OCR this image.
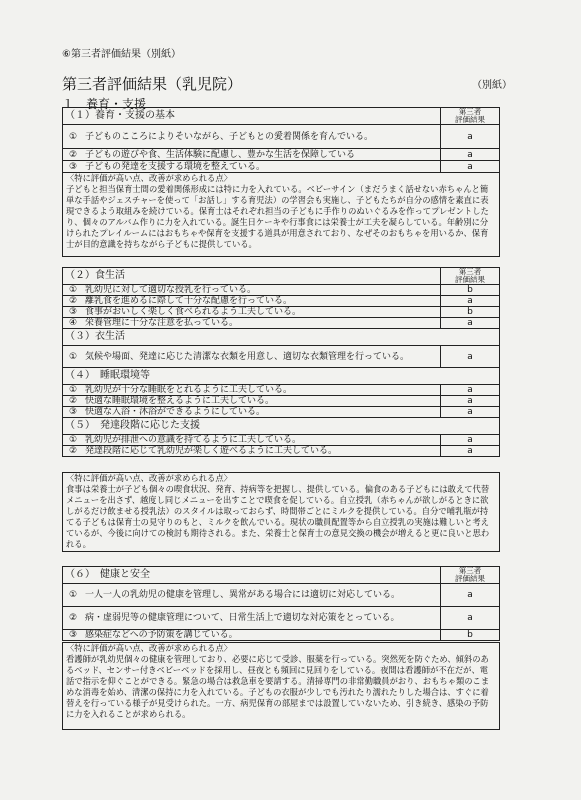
⑥第三者評価結果（別紙）
第三者評価結果（乳児院）	（別紙）
１　養育・支援
（１）養育・支援の基本		第三者
評価結果
①	子どものこころによりそいながら、子どもとの愛着関係を育んでいる。	a
②	子どもの遊びや食、生活体験に配慮し、豊かな生活を保障している	a
③	子どもの発達を支援する環境を整えている。	a
〈特に評価が高い点、改善が求められる点〉
子どもと担当保育士間の愛着関係形成には特に力を入れている。ベビーサイン（まだうまく話せない赤ちゃんと簡単な手話やジェスチャーを使って「お話し」する育児法）の学習会も実施し、子どもたちが自分の感情を素直に表現できるよう取組みを続けている。保育士はそれぞれ担当の子どもに手作りのぬいぐるみを作ってプレゼントしたり、個々のアルバム作りに力を入れている。誕生日ケーキや行事食には栄養士が工夫を凝らしている。年齢別に分けられたプレイルームにはおもちゃや保育を支援する道具が用意されており、なぜそのおもちゃを用いるか、保育士が目的意識を持ちながら子どもに提供している。
（２）食生活		第三者
評価結果
①	乳幼児に対して適切な授乳を行っている。	b
②	離乳食を進めるに際して十分な配慮を行っている。	a
③	食事がおいしく楽しく食べられるよう工夫している。	b
④	栄養管理に十分な注意を払っている。	a
（３）衣生活		
①	気候や場面、発達に応じた清潔な衣類を用意し、適切な衣類管理を行っている。	a
（４）　睡眠環境等		
①	乳幼児が十分な睡眠をとれるように工夫している。	a
②	快適な睡眠環境を整えるように工夫している。	a
③	快適な入浴・沐浴ができるようにしている。	a
（５）　発達段階に応じた支援		
①	乳幼児が排泄への意識を持てるように工夫している。	a
②	発達段階に応じて乳幼児が楽しく遊べるように工夫している。	a
〈特に評価が高い点、改善が求められる点〉
食事は栄養士が子ども個々の喫食状況、発育、持病等を把握し、提供している。偏食のある子どもには敢えて代替メニューを出さず、越度し同じメニューを出すことで喫食を促している。自立授乳（赤ちゃんが欲しがるときに欲しがるだけ飲ませる授乳法）のスタイルは取っておらず、時間帯ごとにミルクを提供している。自分で哺乳瓶が持てる子どもは保育士の見守りのもと、ミルクを飲んでいる。現状の職員配置等から自立授乳の実施は難しいと考えているが、今後に向けての検討も期待される。また、栄養士と保育士の意見交換の機会が増えると更に良いと思われる。
（６）　健康と安全		第三者
評価結果
①	一人一人の乳幼児の健康を管理し、異常がある場合には適切に対応している。	a
②	病・虚弱児等の健康管理について、日常生活上で適切な対応策をとっている。	a
③	感染症などへの予防策を講じている。	b
〈特に評価が高い点、改善が求められる点〉
看護師が乳幼児個々の健康を管理しており、必要に応じて受診、服薬を行っている。突然死を防ぐため、傾斜のあるベッド、センサー付きベビーベッドを採用し、昼夜とも頻回に見回りをしている。夜間は看護師が不在だが、電話で指示を仰ぐことができる。緊急の場合は救急車を要請する。清掃専門の非常勤職員がおり、おもちゃ類のこまめな消毒を始め、清潔の保持に力を入れている。子どもの衣服が少しでも汚れたり濡れたりした場合は、すぐに着替えを行っている様子が見受けられた。一方、病児保育の部屋までは設置していないため、引き続き、感染の予防に力を入れることが求められる。
